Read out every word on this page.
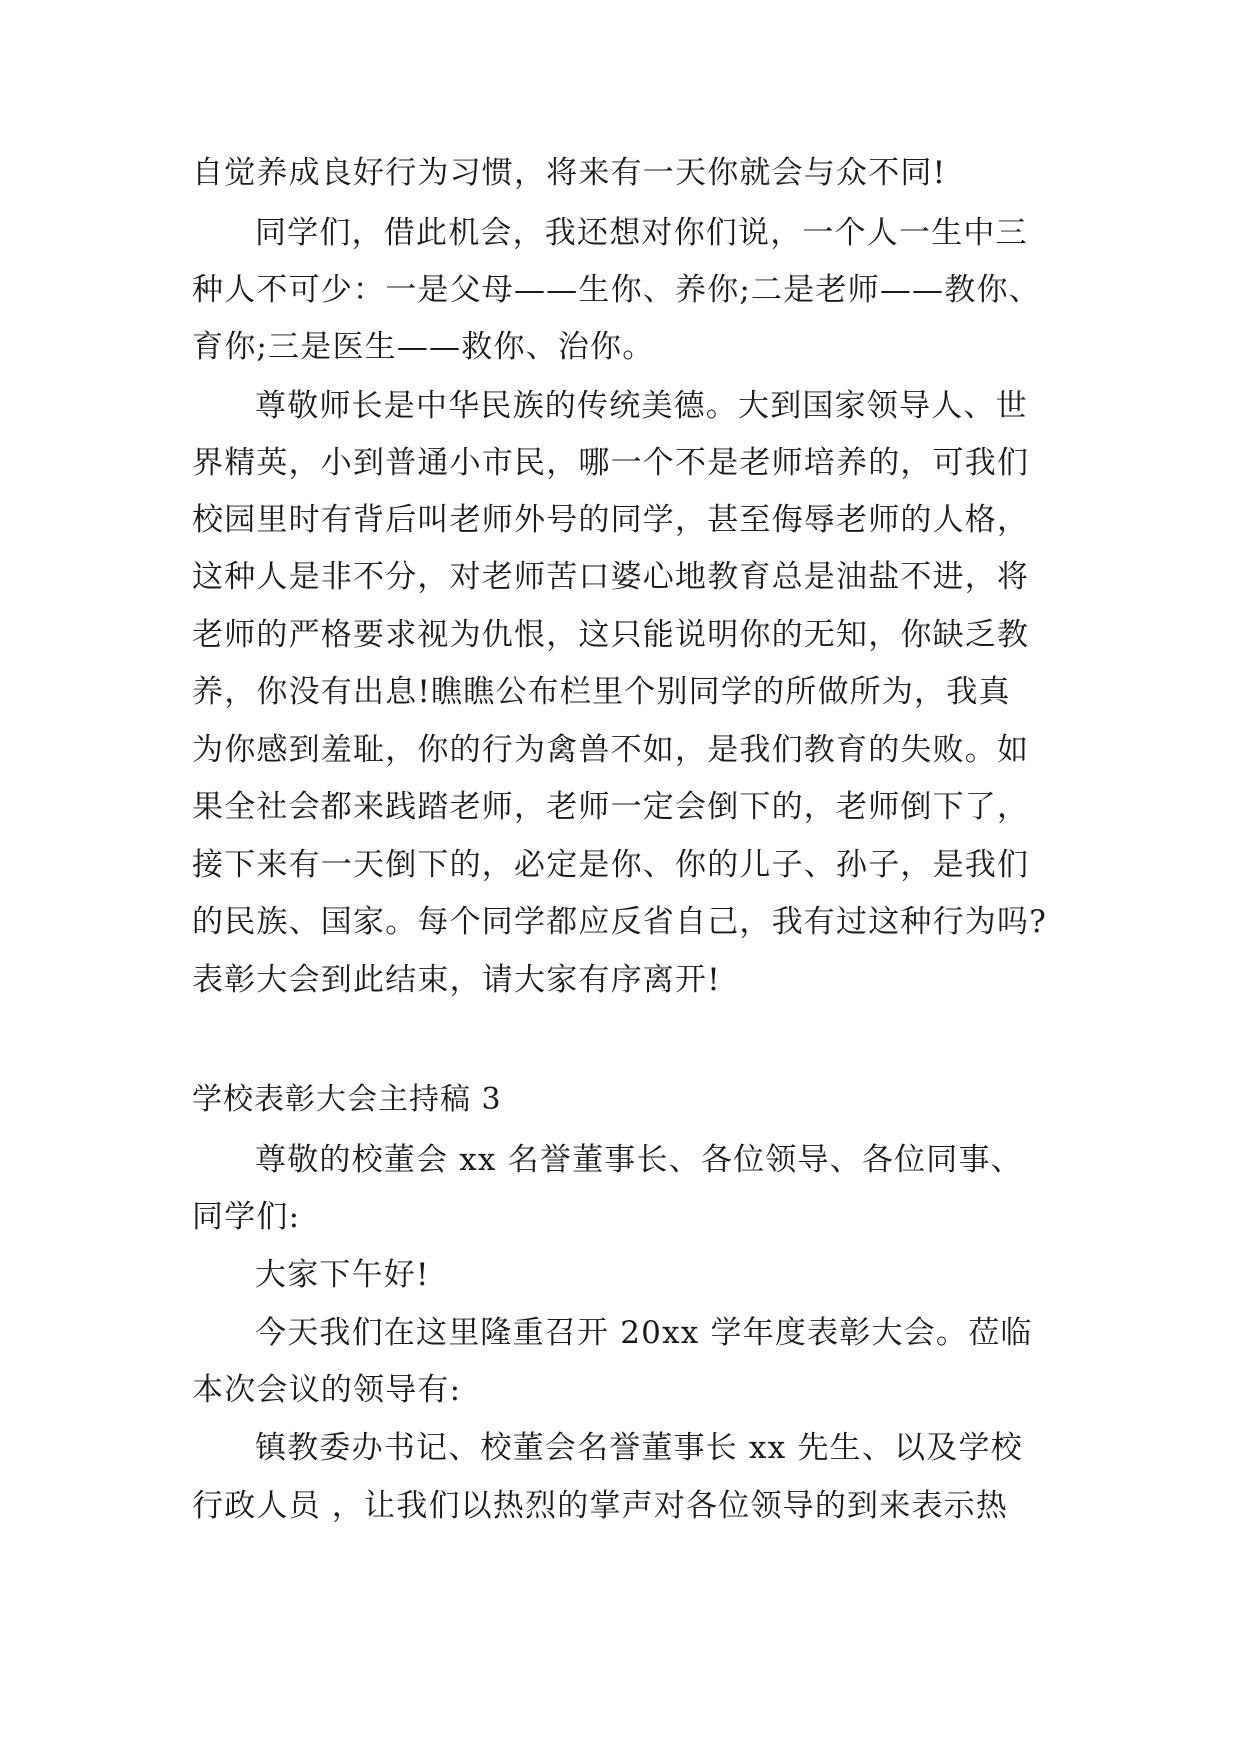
自觉养成良好行为习惯，将来有一天你就会与众不同!
同学们，借此机会，我还想对你们说，一个人一生中三
种人不可少：一是父母——生你、养你;二是老师——教你、
育你;三是医生——救你、治你。
尊敬师长是中华民族的传统美德。大到国家领导人、世
界精英，小到普通小市民，哪一个不是老师培养的，可我们
校园里时有背后叫老师外号的同学，甚至侮辱老师的人格，
这种人是非不分，对老师苦口婆心地教育总是油盐不进，将
老师的严格要求视为仇恨，这只能说明你的无知，你缺乏教
养，你没有出息!瞧瞧公布栏里个别同学的所做所为，我真
为你感到羞耻，你的行为禽兽不如，是我们教育的失败。如
果全社会都来践踏老师，老师一定会倒下的，老师倒下了，
接下来有一天倒下的，必定是你、你的儿子、孙子，是我们
的民族、国家。每个同学都应反省自己，我有过这种行为吗?
表彰大会到此结束，请大家有序离开!
学校表彰大会主持稿 3
尊敬的校董会 xx 名誉董事长、各位领导、各位同事、
同学们:
大家下午好!
今天我们在这里隆重召开 20xx 学年度表彰大会。莅临
本次会议的领导有:
镇教委办书记、校董会名誉董事长 xx 先生、以及学校
行政人员 ，让我们以热烈的掌声对各位领导的到来表示热
